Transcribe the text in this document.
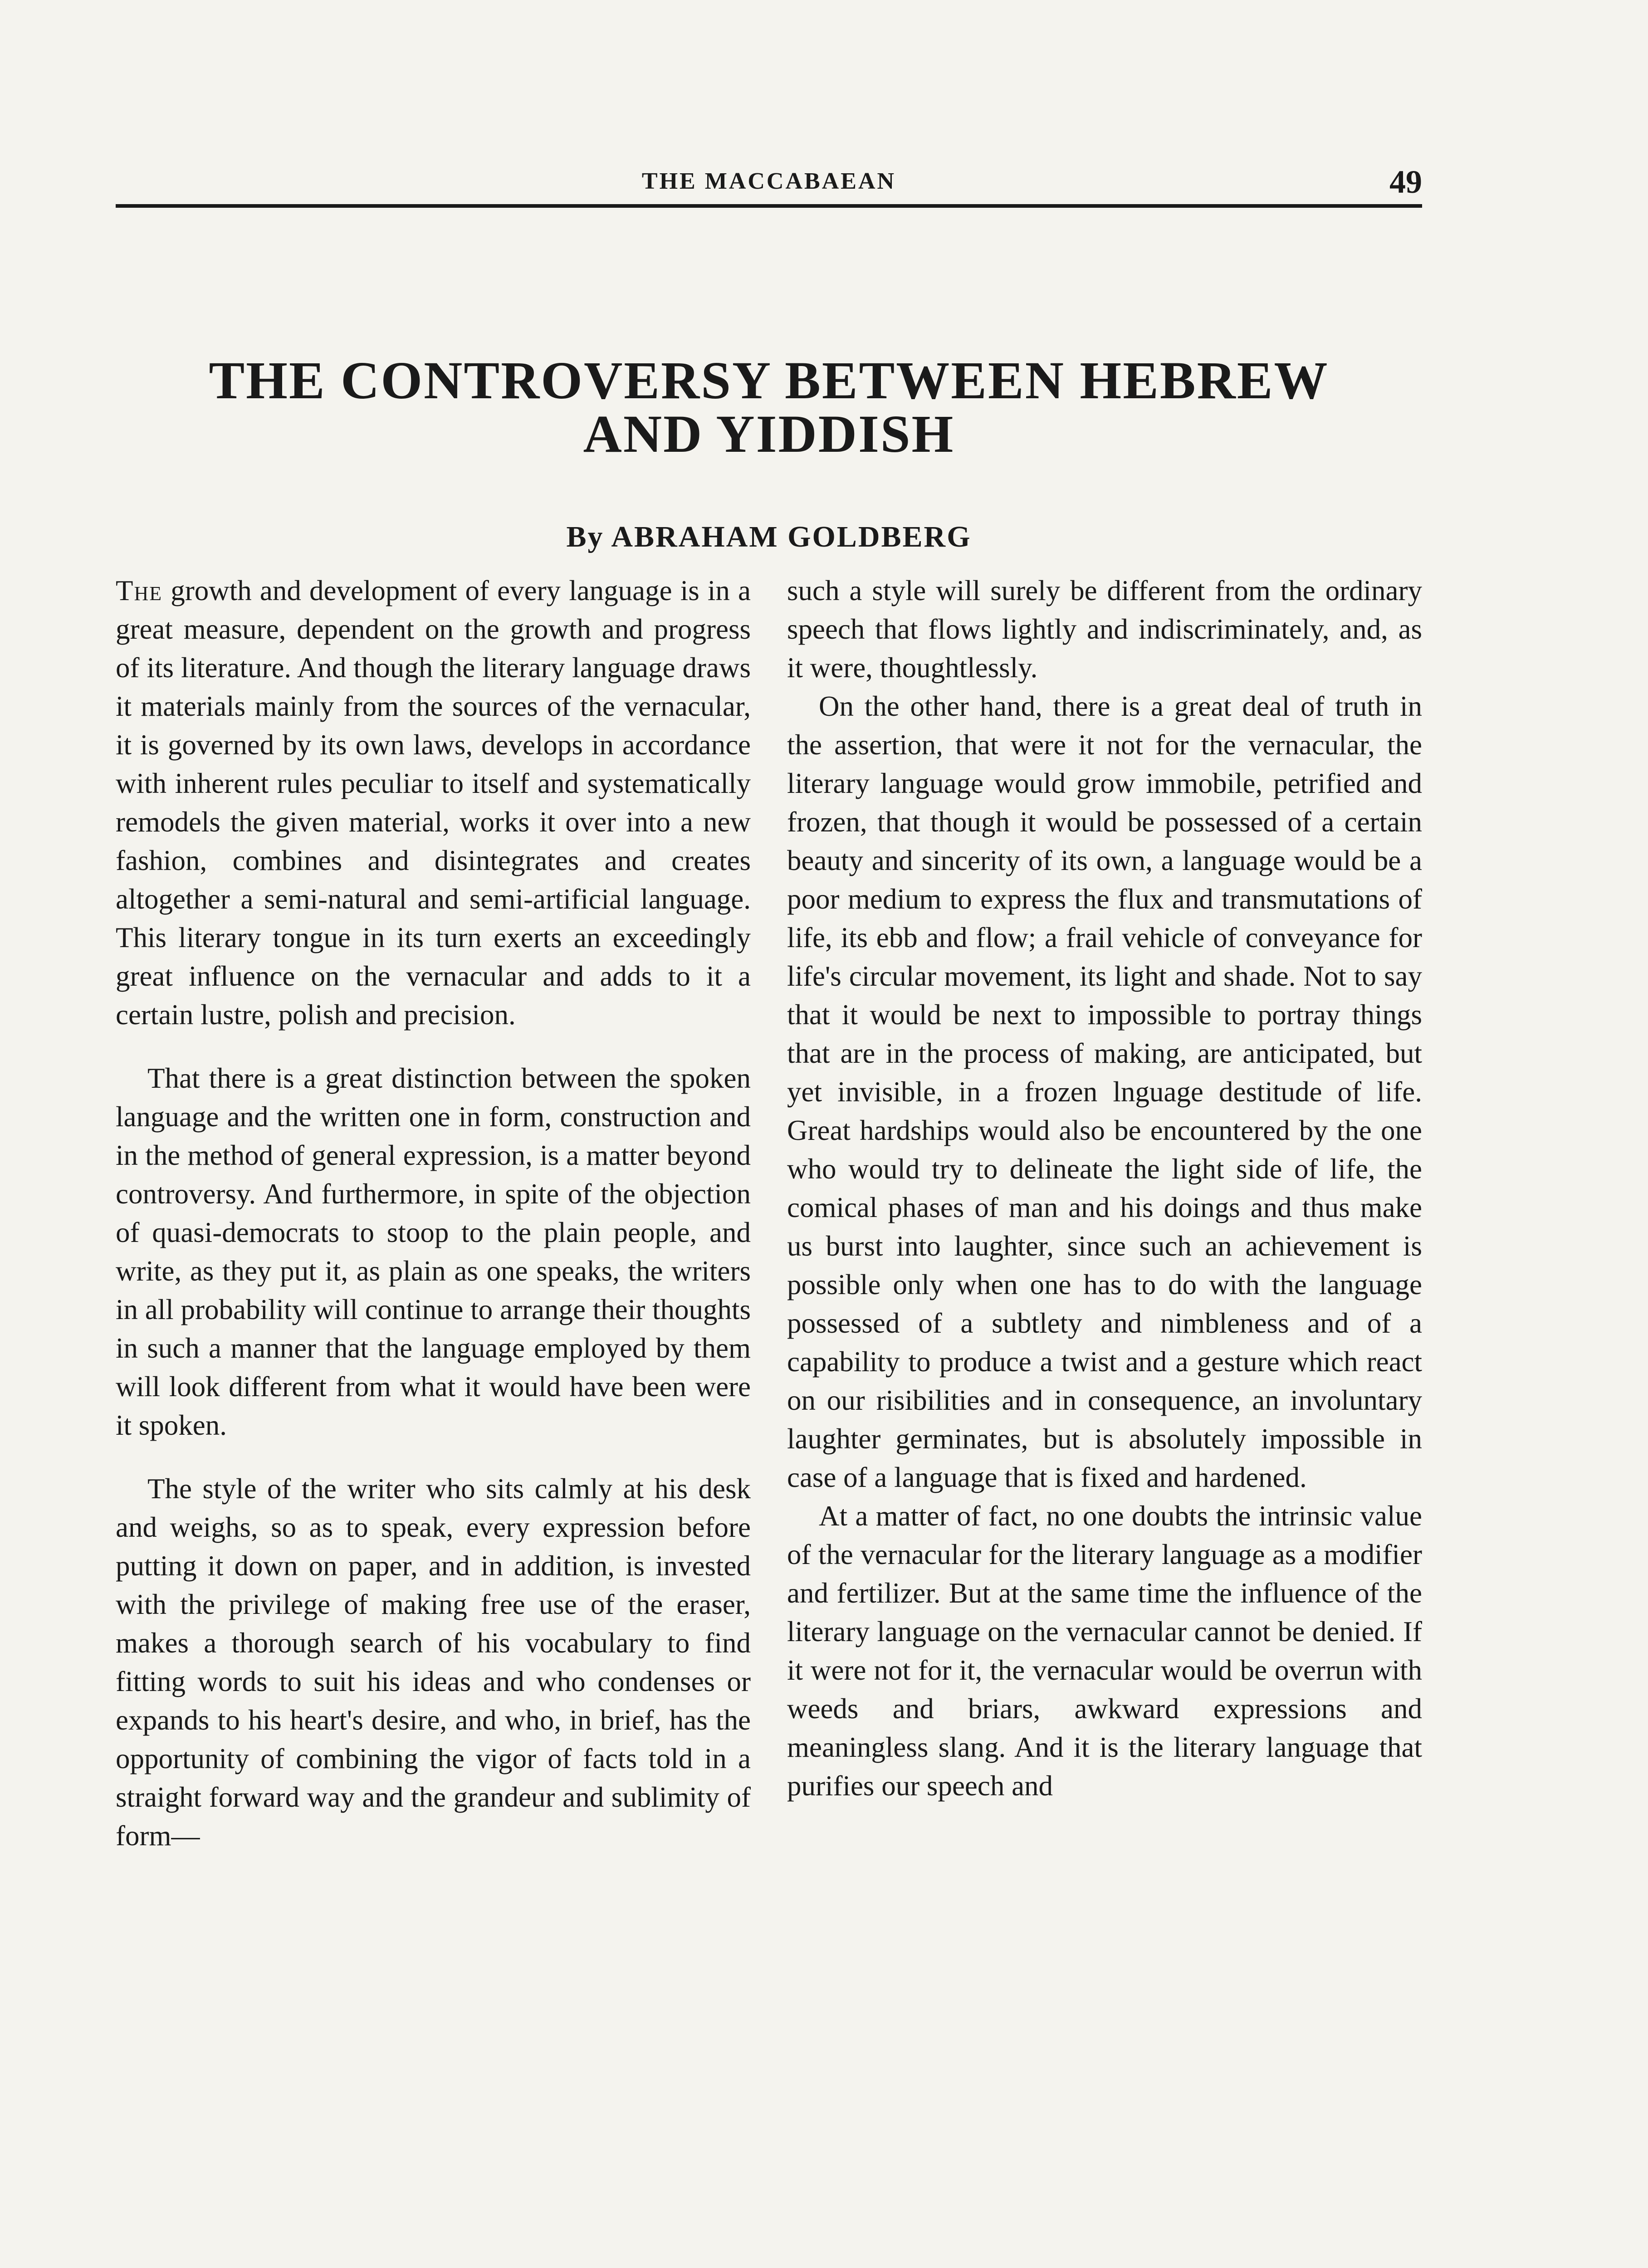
THE MACCABAEAN	49
THE CONTROVERSY BETWEEN HEBREW
AND YIDDISH
By ABRAHAM GOLDBERG

The growth and development of every language is in a great measure, dependent on the growth and progress of its literature. And though the literary language draws it materials mainly from the sources of the vernacular, it is governed by its own laws, develops in accordance with inherent rules peculiar to itself and systematically remodels the given material, works it over into a new fashion, combines and disintegrates and creates altogether a semi-natural and semi-artificial language. This literary tongue in its turn exerts an exceedingly great influence on the vernacular and adds to it a certain lustre, polish and precision.

That there is a great distinction between the spoken language and the written one in form, construction and in the method of general expression, is a matter beyond controversy. And furthermore, in spite of the objection of quasi-democrats to stoop to the plain people, and write, as they put it, as plain as one speaks, the writers in all probability will continue to arrange their thoughts in such a manner that the language employed by them will look different from what it would have been were it spoken.

The style of the writer who sits calmly at his desk and weighs, so as to speak, every expression before putting it down on paper, and in addition, is invested with the privilege of making free use of the eraser, makes a thorough search of his vocabulary to find fitting words to suit his ideas and who condenses or expands to his heart's desire, and who, in brief, has the opportunity of combining the vigor of facts told in a straight forward way and the grandeur and sublimity of form—

such a style will surely be different from the ordinary speech that flows lightly and indiscriminately, and, as it were, thoughtlessly.

On the other hand, there is a great deal of truth in the assertion, that were it not for the vernacular, the literary language would grow immobile, petrified and frozen, that though it would be possessed of a certain beauty and sincerity of its own, a language would be a poor medium to express the flux and transmutations of life, its ebb and flow; a frail vehicle of conveyance for life's circular movement, its light and shade. Not to say that it would be next to impossible to portray things that are in the process of making, are anticipated, but yet invisible, in a frozen lnguage destitude of life. Great hardships would also be encountered by the one who would try to delineate the light side of life, the comical phases of man and his doings and thus make us burst into laughter, since such an achievement is possible only when one has to do with the language possessed of a subtlety and nimbleness and of a capability to produce a twist and a gesture which react on our risibilities and in consequence, an involuntary laughter germinates, but is absolutely impossible in case of a language that is fixed and hardened.

At a matter of fact, no one doubts the intrinsic value of the vernacular for the literary language as a modifier and fertilizer. But at the same time the influence of the literary language on the vernacular cannot be denied. If it were not for it, the vernacular would be overrun with weeds and briars, awkward expressions and meaningless slang. And it is the literary language that purifies our speech and
